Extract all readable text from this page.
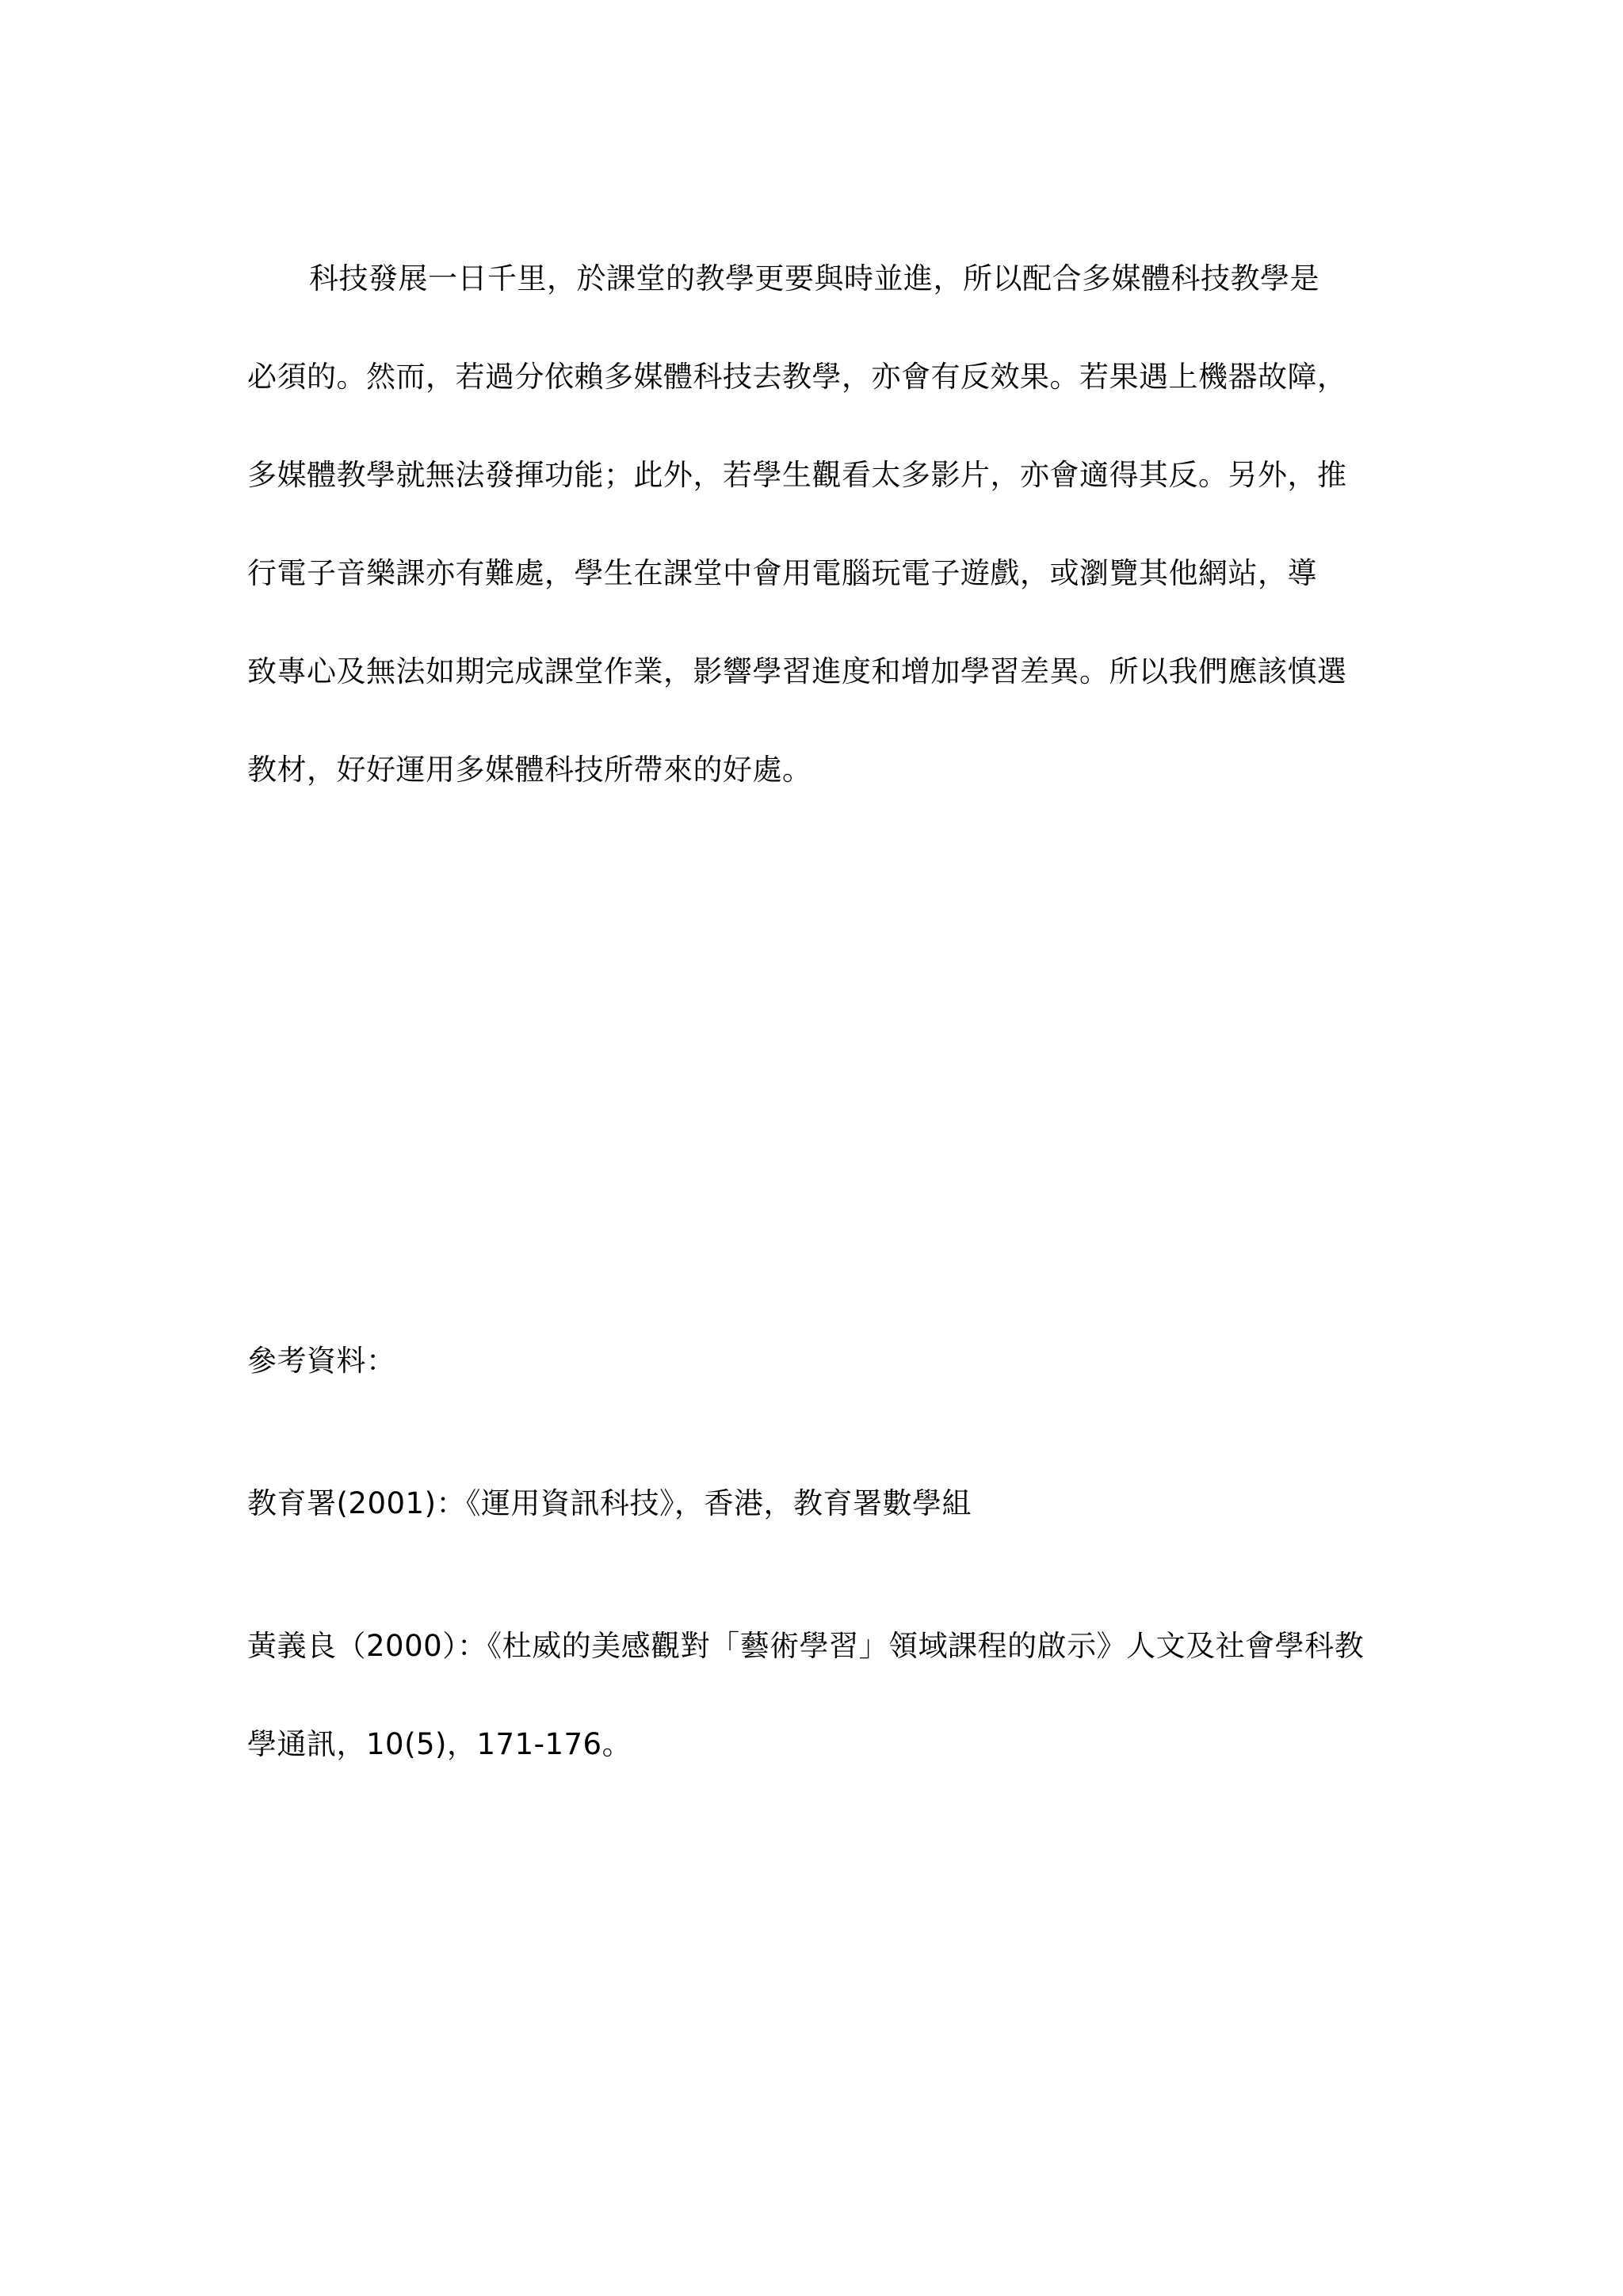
科技發展一日千里，於課堂的教學更要與時並進，所以配合多媒體科技教學是
必須的。然而，若過分依賴多媒體科技去教學，亦會有反效果。若果遇上機器故障，
多媒體教學就無法發揮功能；此外，若學生觀看太多影片，亦會適得其反。另外，推
行電子音樂課亦有難處，學生在課堂中會用電腦玩電子遊戲，或瀏覽其他網站，導
致專心及無法如期完成課堂作業，影響學習進度和增加學習差異。所以我們應該慎選
教材，好好運用多媒體科技所帶來的好處。
參考資料：
教育署(2001)：《運用資訊科技》，香港，教育署數學組
黃義良（2000）：《杜威的美感觀對「藝術學習」領域課程的啟示》人文及社會學科教
學通訊，10(5)，171-176。
